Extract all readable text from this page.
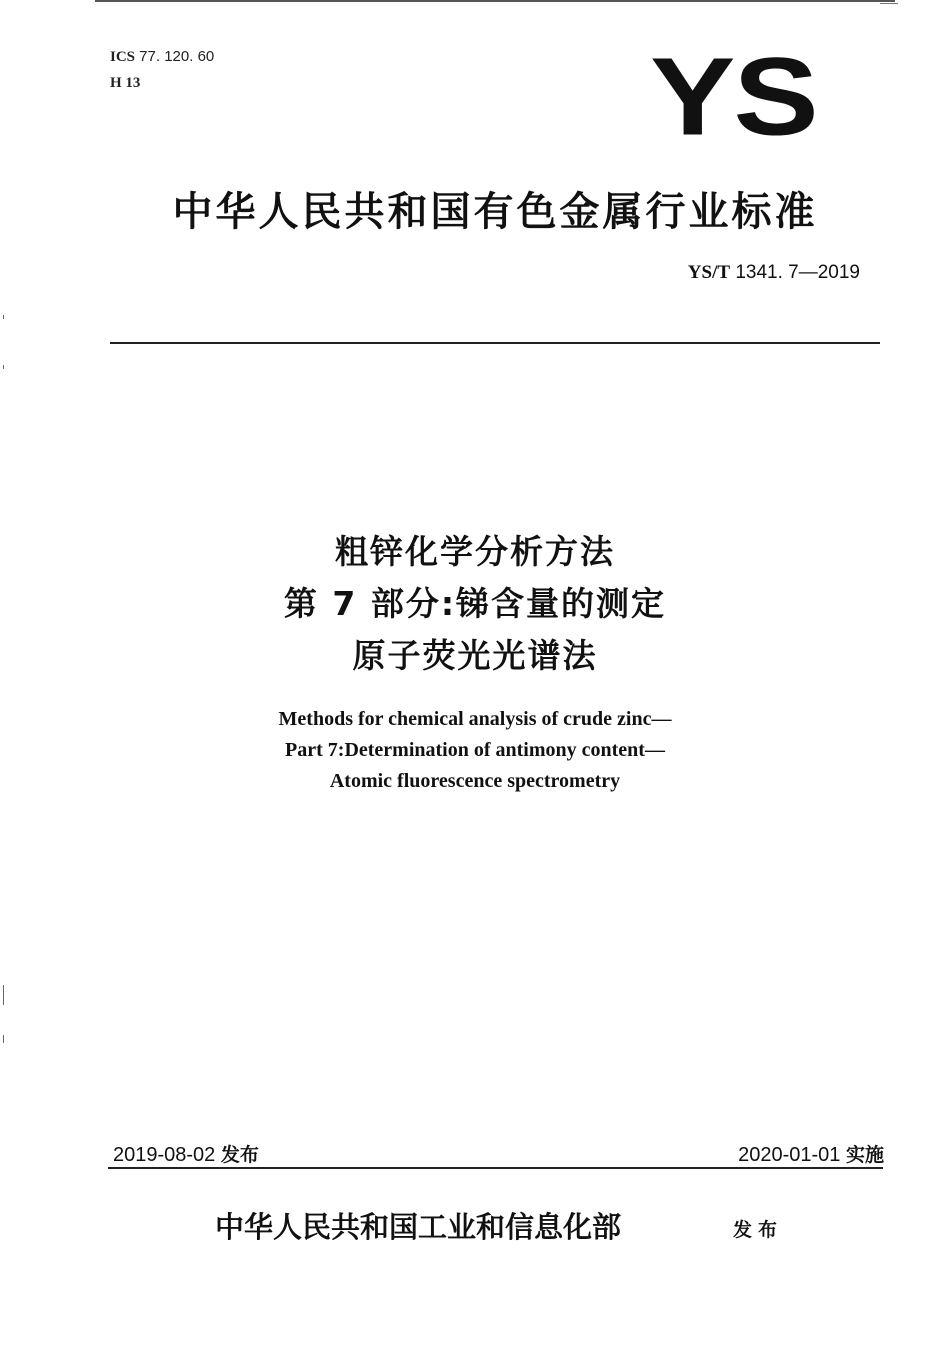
ICS 77. 120. 60
H 13	YS
中华人民共和国有色金属行业标准
YS/T 1341. 7—2019
粗锌化学分析方法
第 7 部分:锑含量的测定
原子荧光光谱法
Methods for chemical analysis of crude zinc—
Part 7:Determination of antimony content—
Atomic fluorescence spectrometry
2019-08-02 发布	2020-01-01 实施
中华人民共和国工业和信息化部	发布
